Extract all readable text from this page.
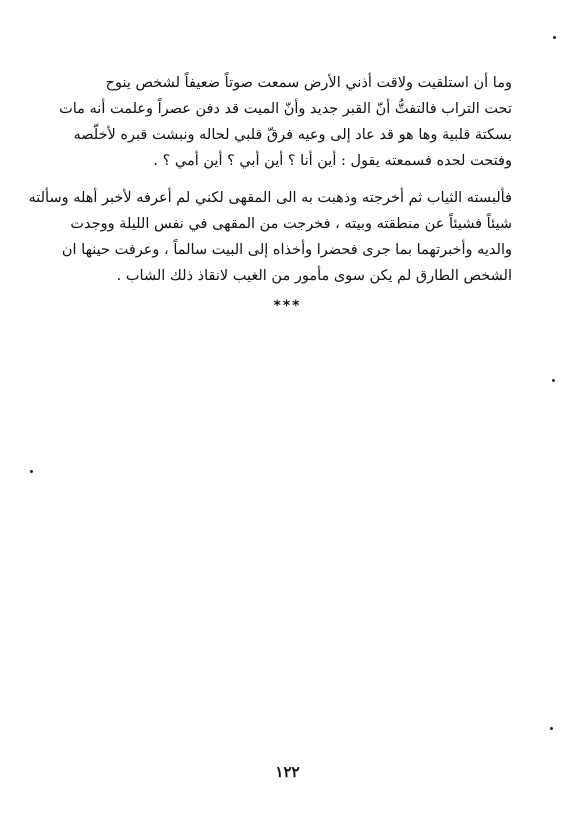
وما أن استلقيت ولاقت أذني الأرض سمعت صوتاً ضعيفاً لشخص ينوح
تحت التراب فالتفتُّ أنّ القبر جديد وأنّ الميت قد دفن عصراً وعلمت أنه مات
بسكتة قلبية وها هو قد عاد إلى وعيه فرقّ قلبي لحاله ونبشت قبره لأخلّصه
وفتحت لحده فسمعته يقول : أين أنا ؟ أين أبي ؟ أين أمي ؟ .
فألبسته الثياب ثم أخرجته وذهبت به الى المقهى لكني لم أعرفه لأخبر أهله وسألته
شيئاً فشيئاً عن منطقته وبيته ، فخرجت من المقهى في نفس الليلة ووجدت
والديه وأخبرتهما بما جرى فحضرا وأخذاه إلى البيت سالماً ، وعرفت حينها ان
الشخص الطارق لم يكن سوى مأمور من الغيب لانقاذ ذلك الشاب .
***
١٢٢
